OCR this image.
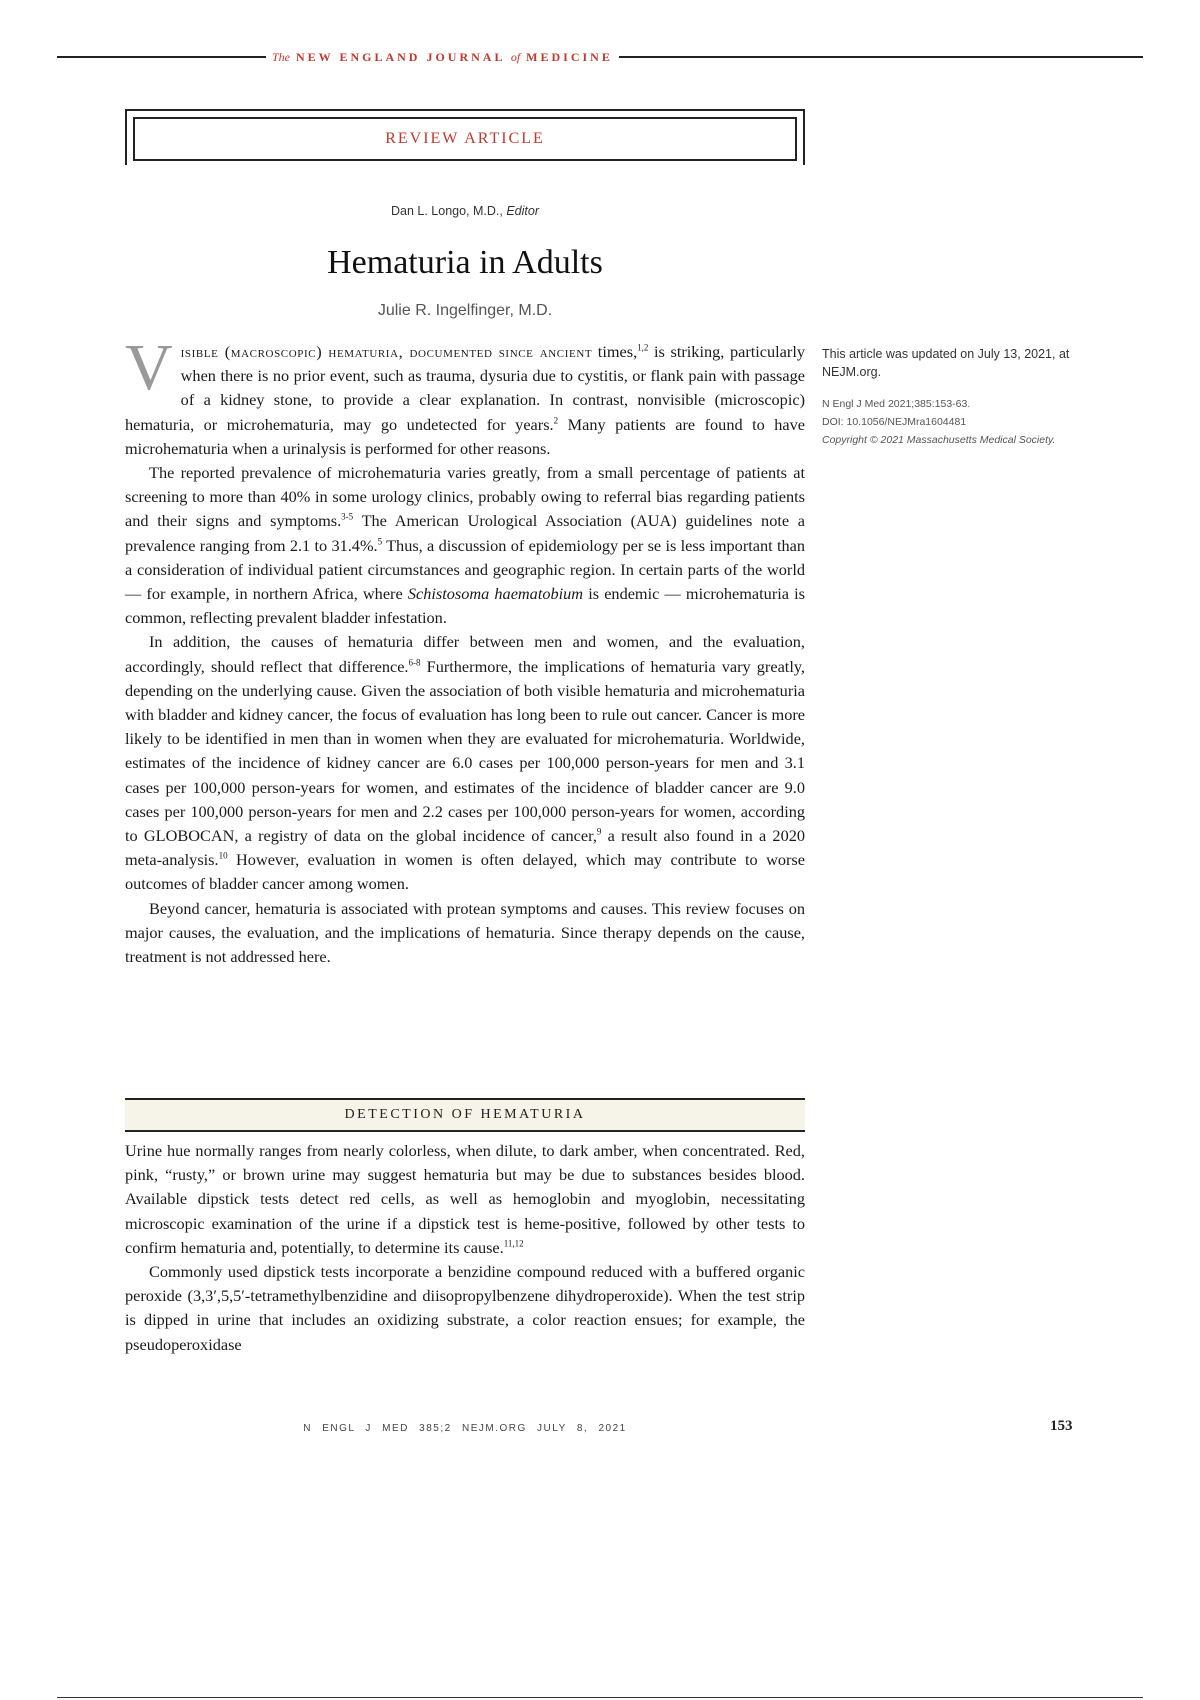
The NEW ENGLAND JOURNAL of MEDICINE
REVIEW ARTICLE
Dan L. Longo, M.D., Editor
Hematuria in Adults
Julie R. Ingelfinger, M.D.
This article was updated on July 13, 2021, at NEJM.org.
N Engl J Med 2021;385:153-63.
DOI: 10.1056/NEJMra1604481
Copyright © 2021 Massachusetts Medical Society.

Visible (macroscopic) hematuria, documented since ancient times,$^{1,2}$ is striking, particularly when there is no prior event, such as trauma, dysuria due to cystitis, or flank pain with passage of a kidney stone, to provide a clear explanation. In contrast, nonvisible (microscopic) hematuria, or microhematuria, may go undetected for years.$^2$ Many patients are found to have microhematuria when a urinalysis is performed for other reasons.

The reported prevalence of microhematuria varies greatly, from a small percentage of patients at screening to more than 40% in some urology clinics, probably owing to referral bias regarding patients and their signs and symptoms.$^{3-5}$ The American Urological Association (AUA) guidelines note a prevalence ranging from 2.1 to 31.4%.$^5$ Thus, a discussion of epidemiology per se is less important than a consideration of individual patient circumstances and geographic region. In certain parts of the world — for example, in northern Africa, where Schistosoma haematobium is endemic — microhematuria is common, reflecting prevalent bladder infestation.

In addition, the causes of hematuria differ between men and women, and the evaluation, accordingly, should reflect that difference.$^{6-8}$ Furthermore, the implications of hematuria vary greatly, depending on the underlying cause. Given the association of both visible hematuria and microhematuria with bladder and kidney cancer, the focus of evaluation has long been to rule out cancer. Cancer is more likely to be identified in men than in women when they are evaluated for microhematuria. Worldwide, estimates of the incidence of kidney cancer are 6.0 cases per 100,000 person-years for men and 3.1 cases per 100,000 person-years for women, and estimates of the incidence of bladder cancer are 9.0 cases per 100,000 person-years for men and 2.2 cases per 100,000 person-years for women, according to GLOBOCAN, a registry of data on the global incidence of cancer,$^9$ a result also found in a 2020 meta-analysis.$^{10}$ However, evaluation in women is often delayed, which may contribute to worse outcomes of bladder cancer among women.

Beyond cancer, hematuria is associated with protean symptoms and causes. This review focuses on major causes, the evaluation, and the implications of hematuria. Since therapy depends on the cause, treatment is not addressed here.

DETECTION OF HEMATURIA

Urine hue normally ranges from nearly colorless, when dilute, to dark amber, when concentrated. Red, pink, “rusty,” or brown urine may suggest hematuria but may be due to substances besides blood. Available dipstick tests detect red cells, as well as hemoglobin and myoglobin, necessitating microscopic examination of the urine if a dipstick test is heme-positive, followed by other tests to confirm hematuria and, potentially, to determine its cause.$^{11,12}$

Commonly used dipstick tests incorporate a benzidine compound reduced with a buffered organic peroxide (3,3′,5,5′-tetramethylbenzidine and diisopropylbenzene dihydroperoxide). When the test strip is dipped in urine that includes an oxidizing substrate, a color reaction ensues; for example, the pseudoperoxidase

N ENGL J MED 385;2 NEJM.ORG JULY 8, 2021	153
